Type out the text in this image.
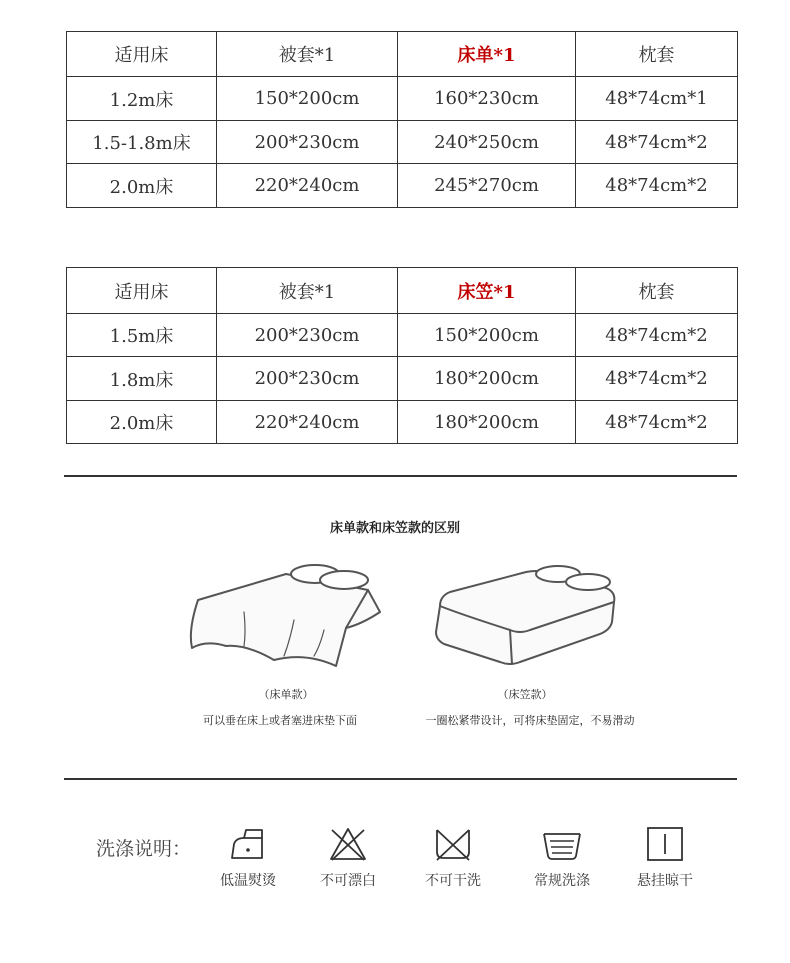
适用床	被套*1	床单*1	枕套
1.2m床	150*200cm	160*230cm	48*74cm*1
1.5-1.8m床	200*230cm	240*250cm	48*74cm*2
2.0m床	220*240cm	245*270cm	48*74cm*2
适用床	被套*1	床笠*1	枕套
1.5m床	200*230cm	150*200cm	48*74cm*2
1.8m床	200*230cm	180*200cm	48*74cm*2
2.0m床	220*240cm	180*200cm	48*74cm*2
床单款和床笠款的区别
（床单款）
可以垂在床上或者塞进床垫下面
（床笠款）
一圈松紧带设计，可将床垫固定，不易滑动
洗涤说明：
低温熨烫	不可漂白	不可干洗	常规洗涤	悬挂晾干
